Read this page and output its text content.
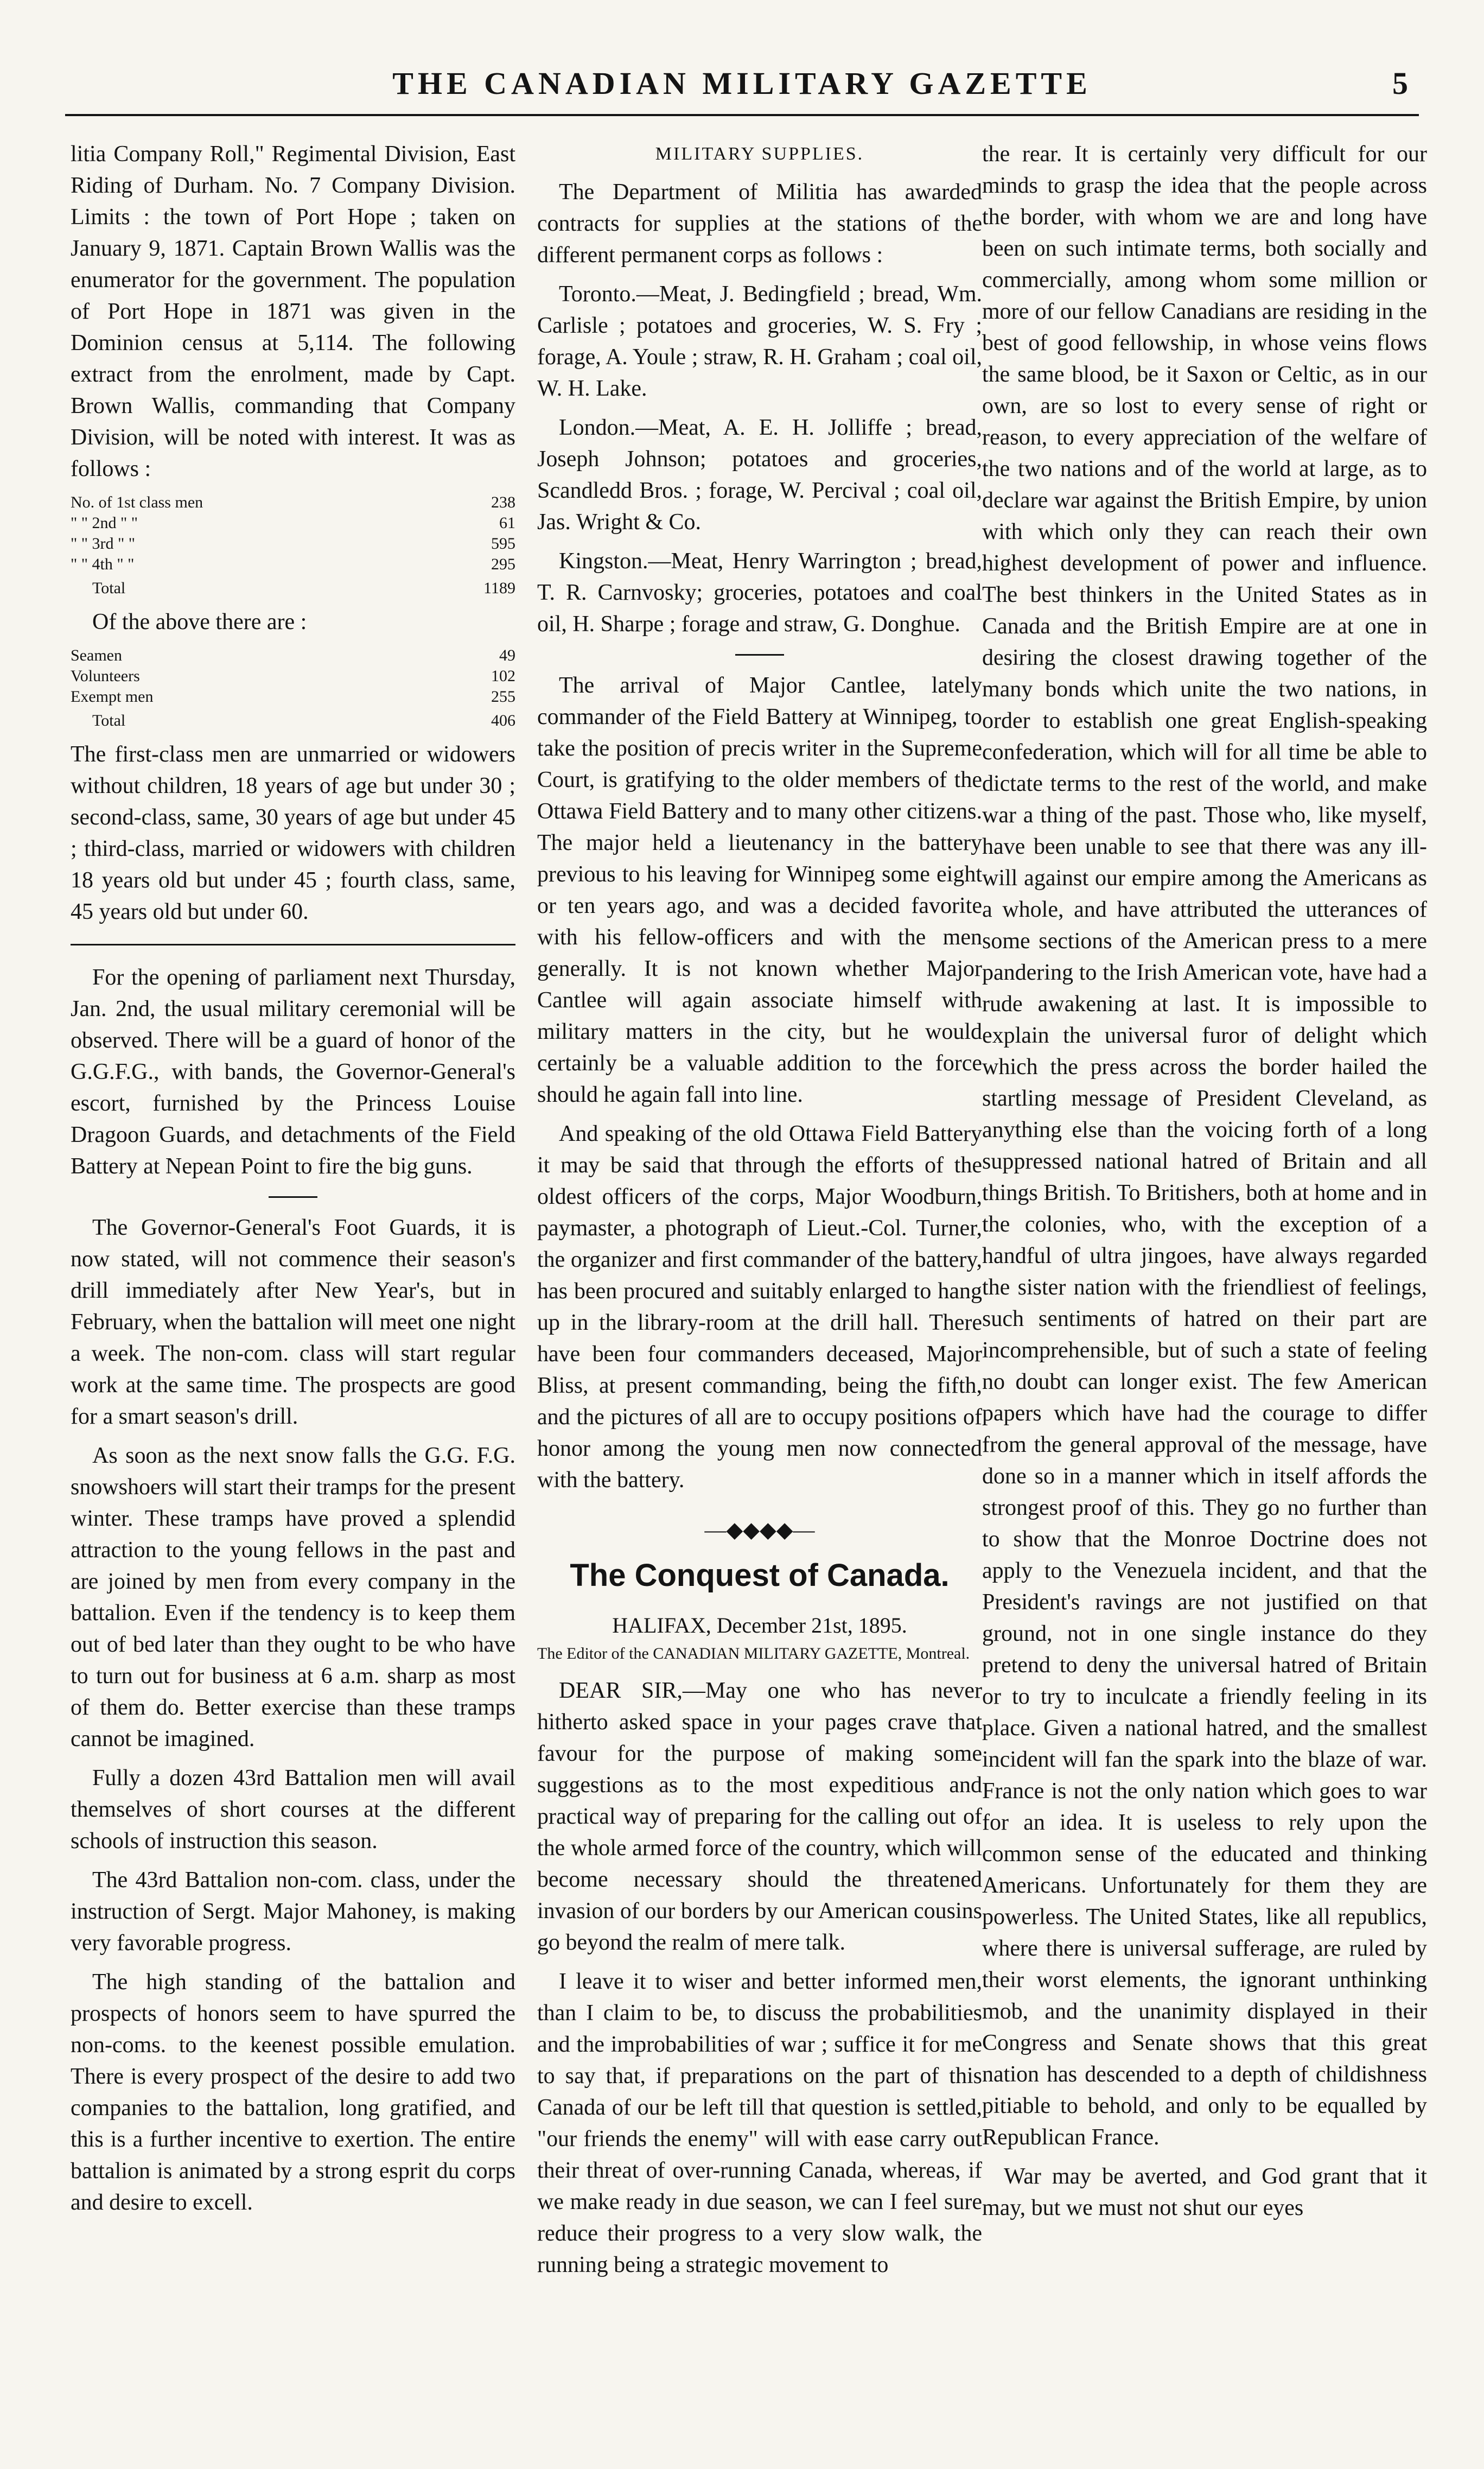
THE CANADIAN MILITARY GAZETTE	5

litia Company Roll," Regimental Division, East Riding of Durham. No. 7 Company Division. Limits : the town of Port Hope ; taken on January 9, 1871. Captain Brown Wallis was the enumerator for the government. The population of Port Hope in 1871 was given in the Dominion census at 5,114. The following extract from the enrolment, made by Capt. Brown Wallis, commanding that Company Division, will be noted with interest. It was as follows :

No. of 1st class men	238
" " 2nd " "	61
" " 3rd " "	595
" " 4th " "	295
Total	1189

Of the above there are :

Seamen	49
Volunteers	102
Exempt men	255
Total	406

The first-class men are unmarried or widowers without children, 18 years of age but under 30 ; second-class, same, 30 years of age but under 45 ; third-class, married or widowers with children 18 years old but under 45 ; fourth class, same, 45 years old but under 60.

For the opening of parliament next Thursday, Jan. 2nd, the usual military ceremonial will be observed. There will be a guard of honor of the G.G.F.G., with bands, the Governor-General's escort, furnished by the Princess Louise Dragoon Guards, and detachments of the Field Battery at Nepean Point to fire the big guns.

The Governor-General's Foot Guards, it is now stated, will not commence their season's drill immediately after New Year's, but in February, when the battalion will meet one night a week. The non-com. class will start regular work at the same time. The prospects are good for a smart season's drill.

As soon as the next snow falls the G.G. F.G. snowshoers will start their tramps for the present winter. These tramps have proved a splendid attraction to the young fellows in the past and are joined by men from every company in the battalion. Even if the tendency is to keep them out of bed later than they ought to be who have to turn out for business at 6 a.m. sharp as most of them do. Better exercise than these tramps cannot be imagined.

Fully a dozen 43rd Battalion men will avail themselves of short courses at the different schools of instruction this season.

The 43rd Battalion non-com. class, under the instruction of Sergt. Major Mahoney, is making very favorable progress.

The high standing of the battalion and prospects of honors seem to have spurred the non-coms. to the keenest possible emulation. There is every prospect of the desire to add two companies to the battalion, long gratified, and this is a further incentive to exertion. The entire battalion is animated by a strong esprit du corps and desire to excell.

MILITARY SUPPLIES.

The Department of Militia has awarded contracts for supplies at the stations of the different permanent corps as follows :

Toronto.—Meat, J. Bedingfield ; bread, Wm. Carlisle ; potatoes and groceries, W. S. Fry ; forage, A. Youle ; straw, R. H. Graham ; coal oil, W. H. Lake.

London.—Meat, A. E. H. Jolliffe ; bread, Joseph Johnson; potatoes and groceries, Scandledd Bros. ; forage, W. Percival ; coal oil, Jas. Wright & Co.

Kingston.—Meat, Henry Warrington ; bread, T. R. Carnvosky; groceries, potatoes and coal oil, H. Sharpe ; forage and straw, G. Donghue.

The arrival of Major Cantlee, lately commander of the Field Battery at Winnipeg, to take the position of precis writer in the Supreme Court, is gratifying to the older members of the Ottawa Field Battery and to many other citizens. The major held a lieutenancy in the battery previous to his leaving for Winnipeg some eight or ten years ago, and was a decided favorite with his fellow-officers and with the men generally. It is not known whether Major Cantlee will again associate himself with military matters in the city, but he would certainly be a valuable addition to the force should he again fall into line.

And speaking of the old Ottawa Field Battery it may be said that through the efforts of the oldest officers of the corps, Major Woodburn, paymaster, a photograph of Lieut.-Col. Turner, the organizer and first commander of the battery, has been procured and suitably enlarged to hang up in the library-room at the drill hall. There have been four commanders deceased, Major Bliss, at present commanding, being the fifth, and the pictures of all are to occupy positions of honor among the young men now connected with the battery.

—◆◆◆◆—
The Conquest of Canada.
HALIFAX, December 21st, 1895.
The Editor of the CANADIAN MILITARY GAZETTE, Montreal.

DEAR SIR,—May one who has never hitherto asked space in your pages crave that favour for the purpose of making some suggestions as to the most expeditious and practical way of preparing for the calling out of the whole armed force of the country, which will become necessary should the threatened invasion of our borders by our American cousins go beyond the realm of mere talk.

I leave it to wiser and better informed men, than I claim to be, to discuss the probabilities and the improbabilities of war ; suffice it for me to say that, if preparations on the part of this Canada of our be left till that question is settled, "our friends the enemy" will with ease carry out their threat of over-running Canada, whereas, if we make ready in due season, we can I feel sure reduce their progress to a very slow walk, the running being a strategic movement to

the rear. It is certainly very difficult for our minds to grasp the idea that the people across the border, with whom we are and long have been on such intimate terms, both socially and commercially, among whom some million or more of our fellow Canadians are residing in the best of good fellowship, in whose veins flows the same blood, be it Saxon or Celtic, as in our own, are so lost to every sense of right or reason, to every appreciation of the welfare of the two nations and of the world at large, as to declare war against the British Empire, by union with which only they can reach their own highest development of power and influence. The best thinkers in the United States as in Canada and the British Empire are at one in desiring the closest drawing together of the many bonds which unite the two nations, in order to establish one great English-speaking confederation, which will for all time be able to dictate terms to the rest of the world, and make war a thing of the past. Those who, like myself, have been unable to see that there was any ill-will against our empire among the Americans as a whole, and have attributed the utterances of some sections of the American press to a mere pandering to the Irish American vote, have had a rude awakening at last. It is impossible to explain the universal furor of delight which which the press across the border hailed the startling message of President Cleveland, as anything else than the voicing forth of a long suppressed national hatred of Britain and all things British. To Britishers, both at home and in the colonies, who, with the exception of a handful of ultra jingoes, have always regarded the sister nation with the friendliest of feelings, such sentiments of hatred on their part are incomprehensible, but of such a state of feeling no doubt can longer exist. The few American papers which have had the courage to differ from the general approval of the message, have done so in a manner which in itself affords the strongest proof of this. They go no further than to show that the Monroe Doctrine does not apply to the Venezuela incident, and that the President's ravings are not justified on that ground, not in one single instance do they pretend to deny the universal hatred of Britain or to try to inculcate a friendly feeling in its place. Given a national hatred, and the smallest incident will fan the spark into the blaze of war. France is not the only nation which goes to war for an idea. It is useless to rely upon the common sense of the educated and thinking Americans. Unfortunately for them they are powerless. The United States, like all republics, where there is universal sufferage, are ruled by their worst elements, the ignorant unthinking mob, and the unanimity displayed in their Congress and Senate shows that this great nation has descended to a depth of childishness pitiable to behold, and only to be equalled by Republican France.

War may be averted, and God grant that it may, but we must not shut our eyes
